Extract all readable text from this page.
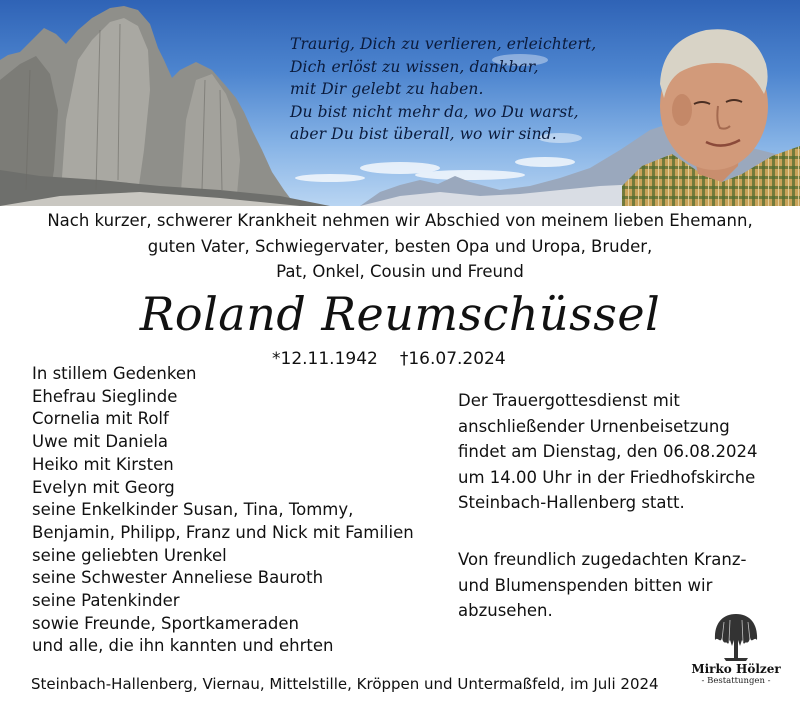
Traurig, Dich zu verlieren, erleichtert,
Dich erlöst zu wissen, dankbar,
mit Dir gelebt zu haben.
Du bist nicht mehr da, wo Du warst,
aber Du bist überall, wo wir sind.
Nach kurzer, schwerer Krankheit nehmen wir Abschied von meinem lieben Ehemann,
guten Vater, Schwiegervater, besten Opa und Uropa, Bruder,
Pat, Onkel, Cousin und Freund
Roland Reumschüssel
*12.11.1942 †16.07.2024
In stillem Gedenken
Ehefrau Sieglinde
Cornelia mit Rolf
Uwe mit Daniela
Heiko mit Kirsten
Evelyn mit Georg
seine Enkelkinder Susan, Tina, Tommy,
Benjamin, Philipp, Franz und Nick mit Familien
seine geliebten Urenkel
seine Schwester Anneliese Bauroth
seine Patenkinder
sowie Freunde, Sportkameraden
und alle, die ihn kannten und ehrten
Der Trauergottesdienst mit
anschließender Urnenbeisetzung
findet am Dienstag, den 06.08.2024
um 14.00 Uhr in der Friedhofskirche
Steinbach-Hallenberg statt.
Von freundlich zugedachten Kranz-
und Blumenspenden bitten wir
abzusehen.
Steinbach-Hallenberg, Viernau, Mittelstille, Kröppen und Untermaßfeld, im Juli 2024
Mirko Hölzer
- Bestattungen -
